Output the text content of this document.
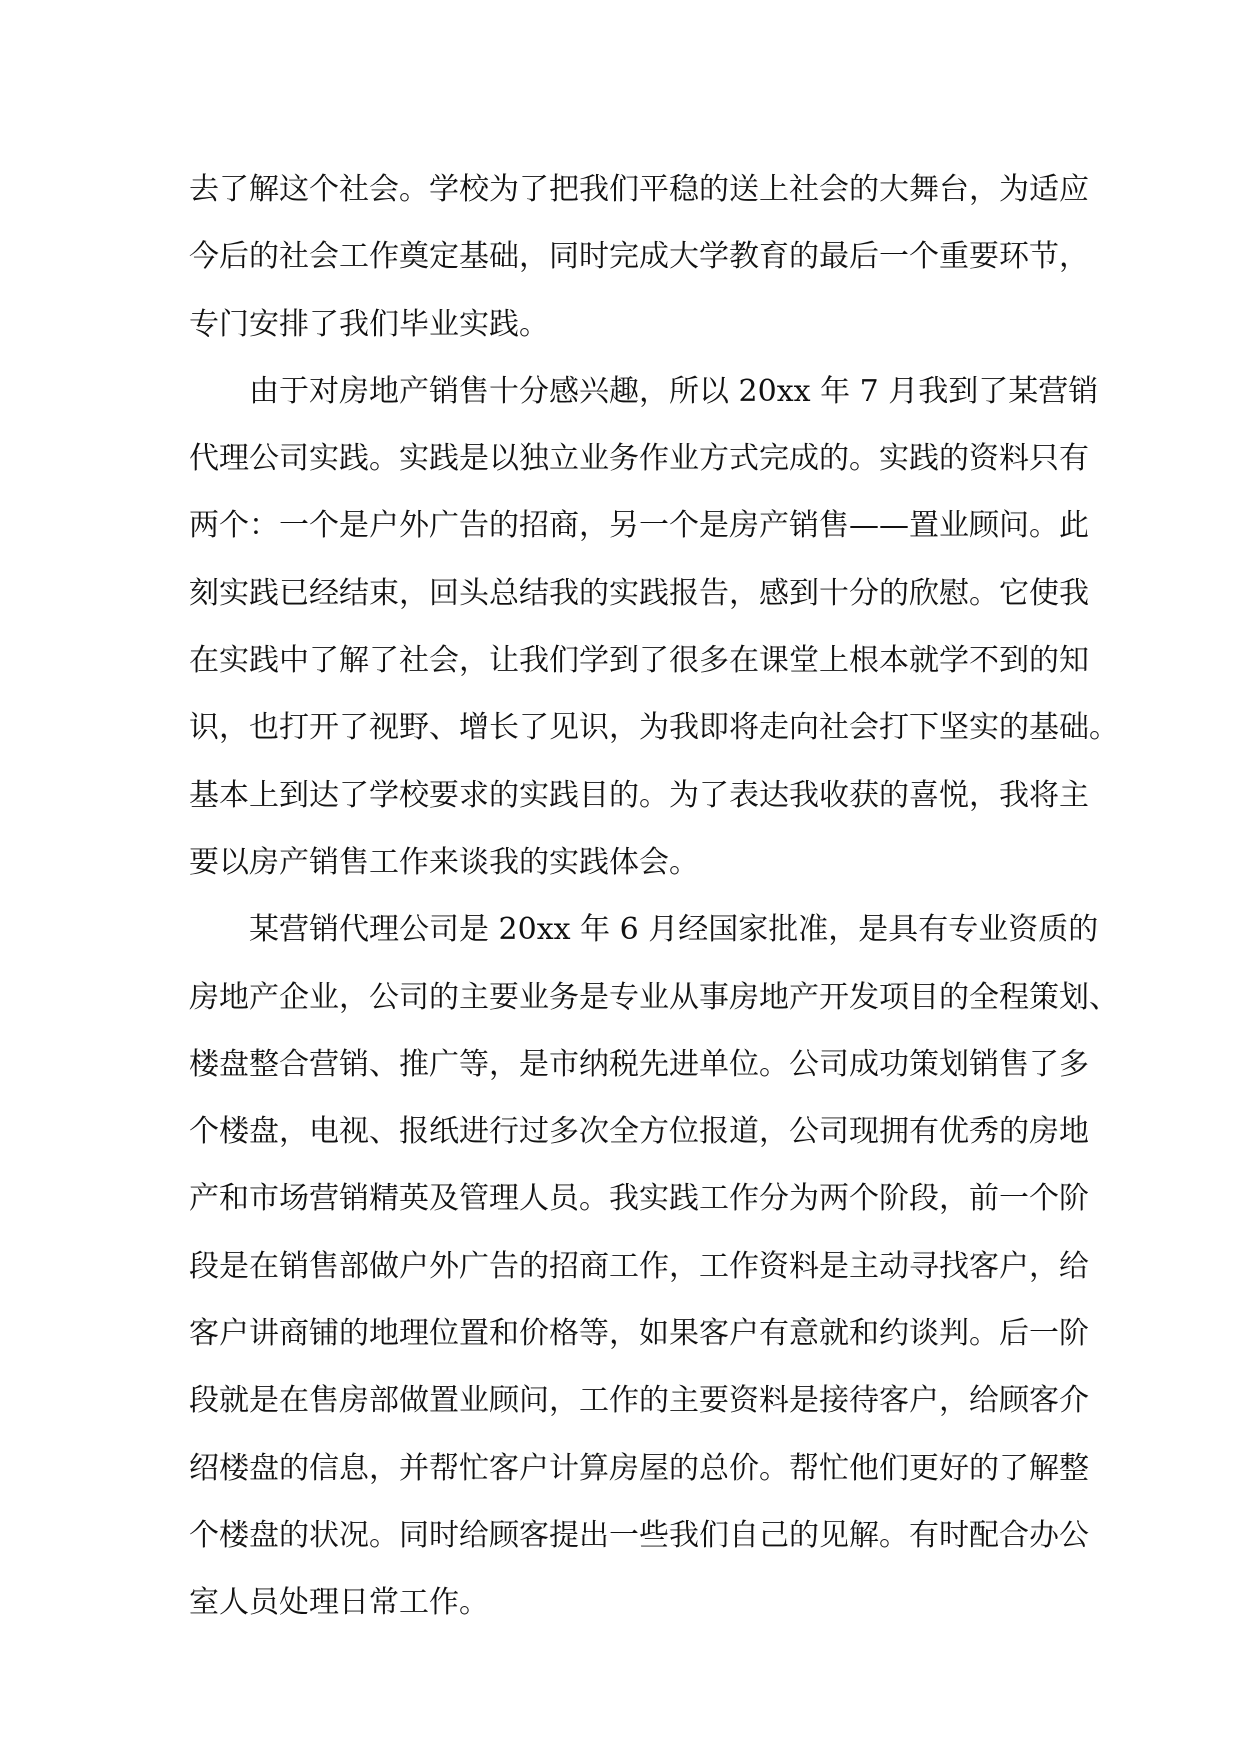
去了解这个社会。学校为了把我们平稳的送上社会的大舞台，为适应
今后的社会工作奠定基础，同时完成大学教育的最后一个重要环节，
专门安排了我们毕业实践。
由于对房地产销售十分感兴趣，所以 20xx 年 7 月我到了某营销
代理公司实践。实践是以独立业务作业方式完成的。实践的资料只有
两个：一个是户外广告的招商，另一个是房产销售——置业顾问。此
刻实践已经结束，回头总结我的实践报告，感到十分的欣慰。它使我
在实践中了解了社会，让我们学到了很多在课堂上根本就学不到的知
识，也打开了视野、增长了见识，为我即将走向社会打下坚实的基础。
基本上到达了学校要求的实践目的。为了表达我收获的喜悦，我将主
要以房产销售工作来谈我的实践体会。
某营销代理公司是 20xx 年 6 月经国家批准，是具有专业资质的
房地产企业，公司的主要业务是专业从事房地产开发项目的全程策划、
楼盘整合营销、推广等，是市纳税先进单位。公司成功策划销售了多
个楼盘，电视、报纸进行过多次全方位报道，公司现拥有优秀的房地
产和市场营销精英及管理人员。我实践工作分为两个阶段，前一个阶
段是在销售部做户外广告的招商工作，工作资料是主动寻找客户，给
客户讲商铺的地理位置和价格等，如果客户有意就和约谈判。后一阶
段就是在售房部做置业顾问，工作的主要资料是接待客户，给顾客介
绍楼盘的信息，并帮忙客户计算房屋的总价。帮忙他们更好的了解整
个楼盘的状况。同时给顾客提出一些我们自己的见解。有时配合办公
室人员处理日常工作。
